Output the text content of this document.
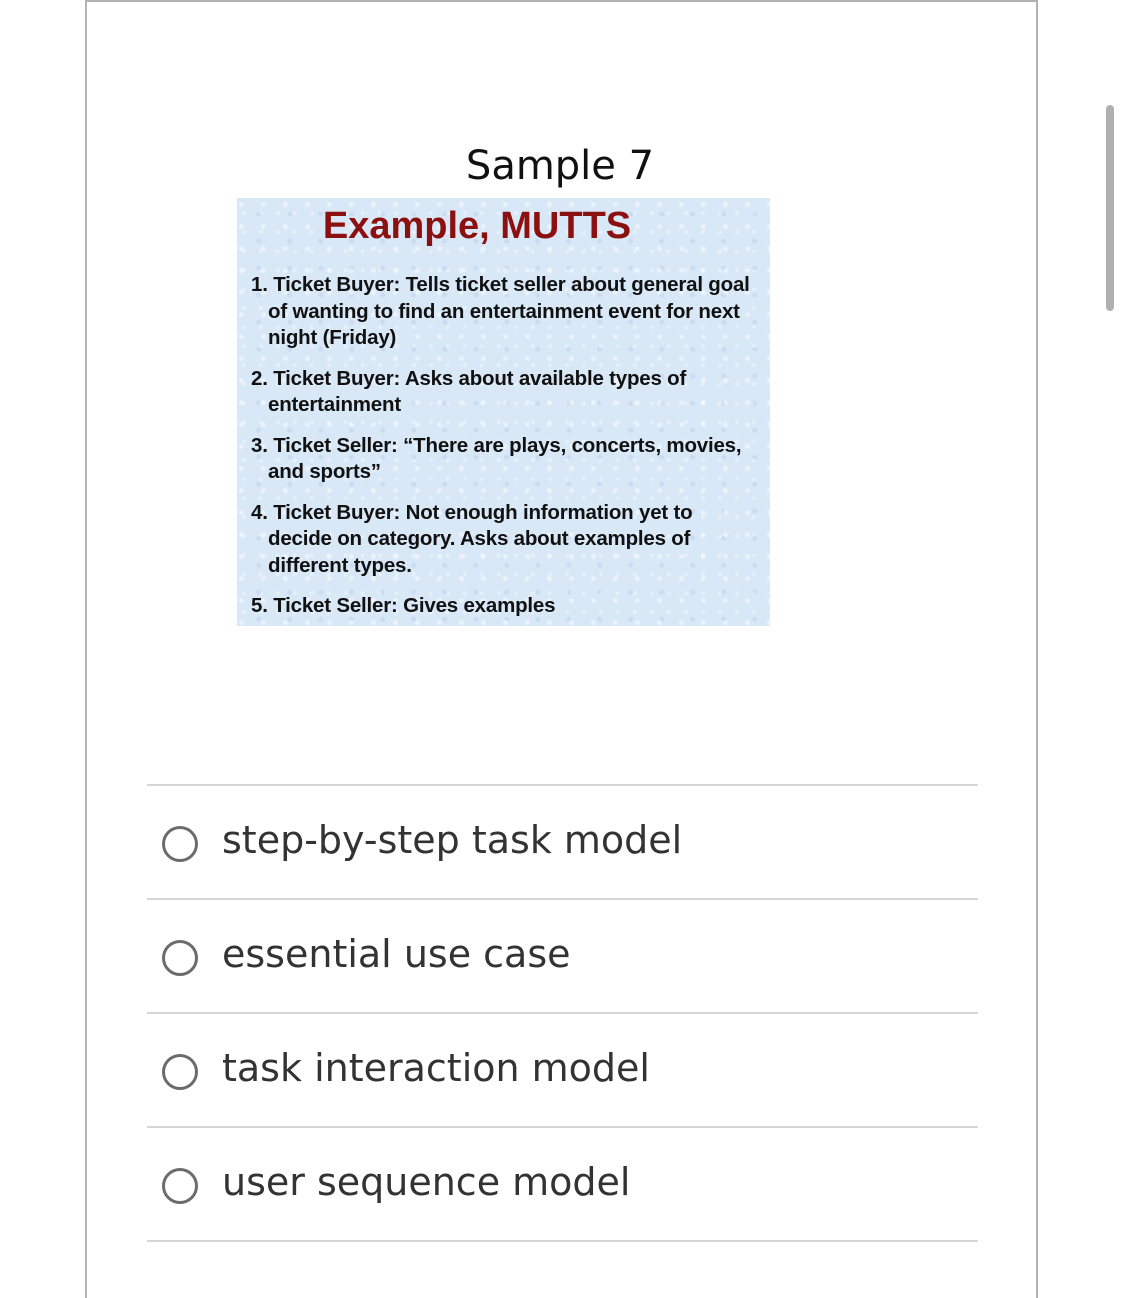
Sample 7
Example, MUTTS
1. Ticket Buyer: Tells ticket seller about general goal of wanting to find an entertainment event for next night (Friday)
2. Ticket Buyer: Asks about available types of entertainment
3. Ticket Seller: “There are plays, concerts, movies, and sports”
4. Ticket Buyer: Not enough information yet to decide on category. Asks about examples of different types.
5. Ticket Seller: Gives examples
step-by-step task model
essential use case
task interaction model
user sequence model
